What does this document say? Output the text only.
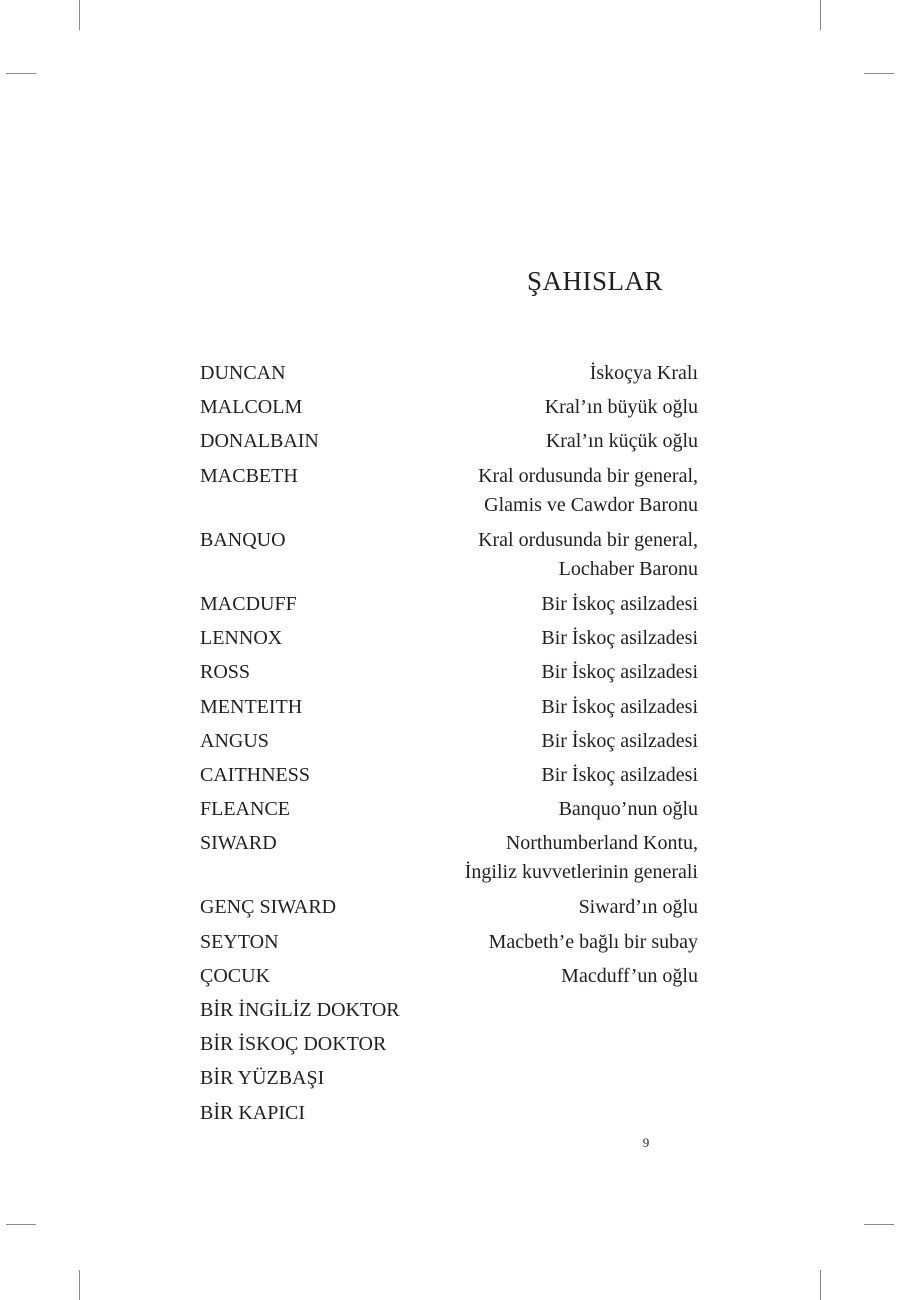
ŞAHISLAR
DUNCAN	İskoçya Kralı
MALCOLM	Kral’ın büyük oğlu
DONALBAIN	Kral’ın küçük oğlu
MACBETH	Kral ordusunda bir general,
Glamis ve Cawdor Baronu
BANQUO	Kral ordusunda bir general,
Lochaber Baronu
MACDUFF	Bir İskoç asilzadesi
LENNOX	Bir İskoç asilzadesi
ROSS	Bir İskoç asilzadesi
MENTEITH	Bir İskoç asilzadesi
ANGUS	Bir İskoç asilzadesi
CAITHNESS	Bir İskoç asilzadesi
FLEANCE	Banquo’nun oğlu
SIWARD	Northumberland Kontu,
İngiliz kuvvetlerinin generali
GENÇ SIWARD	Siward’ın oğlu
SEYTON	Macbeth’e bağlı bir subay
ÇOCUK	Macduff’un oğlu
BİR İNGİLİZ DOKTOR
BİR İSKOÇ DOKTOR
BİR YÜZBAŞI
BİR KAPICI
9
